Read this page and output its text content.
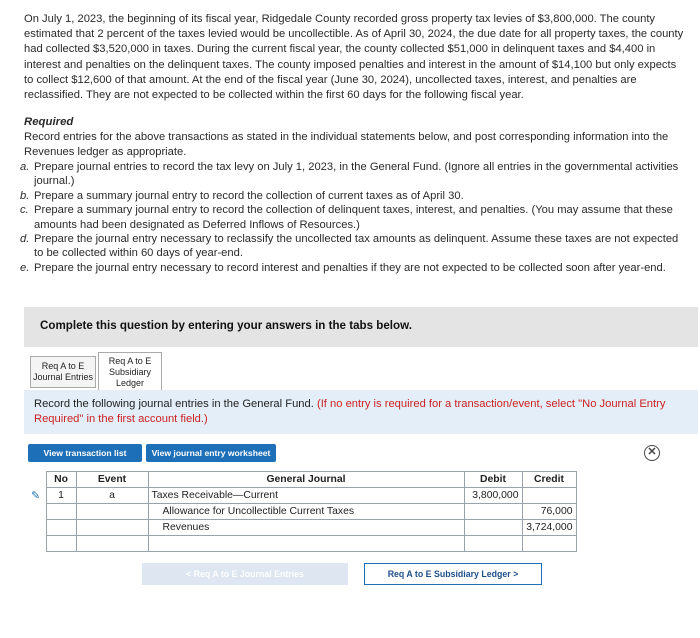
On July 1, 2023, the beginning of its fiscal year, Ridgedale County recorded gross property tax levies of $3,800,000. The county estimated that 2 percent of the taxes levied would be uncollectible. As of April 30, 2024, the due date for all property taxes, the county had collected $3,520,000 in taxes. During the current fiscal year, the county collected $51,000 in delinquent taxes and $4,400 in interest and penalties on the delinquent taxes. The county imposed penalties and interest in the amount of $14,100 but only expects to collect $12,600 of that amount. At the end of the fiscal year (June 30, 2024), uncollected taxes, interest, and penalties are reclassified. They are not expected to be collected within the first 60 days for the following fiscal year.
Required
Record entries for the above transactions as stated in the individual statements below, and post corresponding information into the Revenues ledger as appropriate.
a. Prepare journal entries to record the tax levy on July 1, 2023, in the General Fund. (Ignore all entries in the governmental activities journal.)
b. Prepare a summary journal entry to record the collection of current taxes as of April 30.
c. Prepare a summary journal entry to record the collection of delinquent taxes, interest, and penalties. (You may assume that these amounts had been designated as Deferred Inflows of Resources.)
d. Prepare the journal entry necessary to reclassify the uncollected tax amounts as delinquent. Assume these taxes are not expected to be collected within 60 days of year-end.
e. Prepare the journal entry necessary to record interest and penalties if they are not expected to be collected soon after year-end.
Complete this question by entering your answers in the tabs below.
Req A to E Journal Entries
Req A to E Subsidiary Ledger
Record the following journal entries in the General Fund. (If no entry is required for a transaction/event, select "No Journal Entry Required" in the first account field.)
View transaction list	View journal entry worksheet	✕
	No	Event	General Journal	Debit	Credit
✎	1	a	Taxes Receivable—Current	3,800,000	
			Allowance for Uncollectible Current Taxes		76,000
			Revenues		3,724,000

< Req A to E Journal Entries	Req A to E Subsidiary Ledger >
